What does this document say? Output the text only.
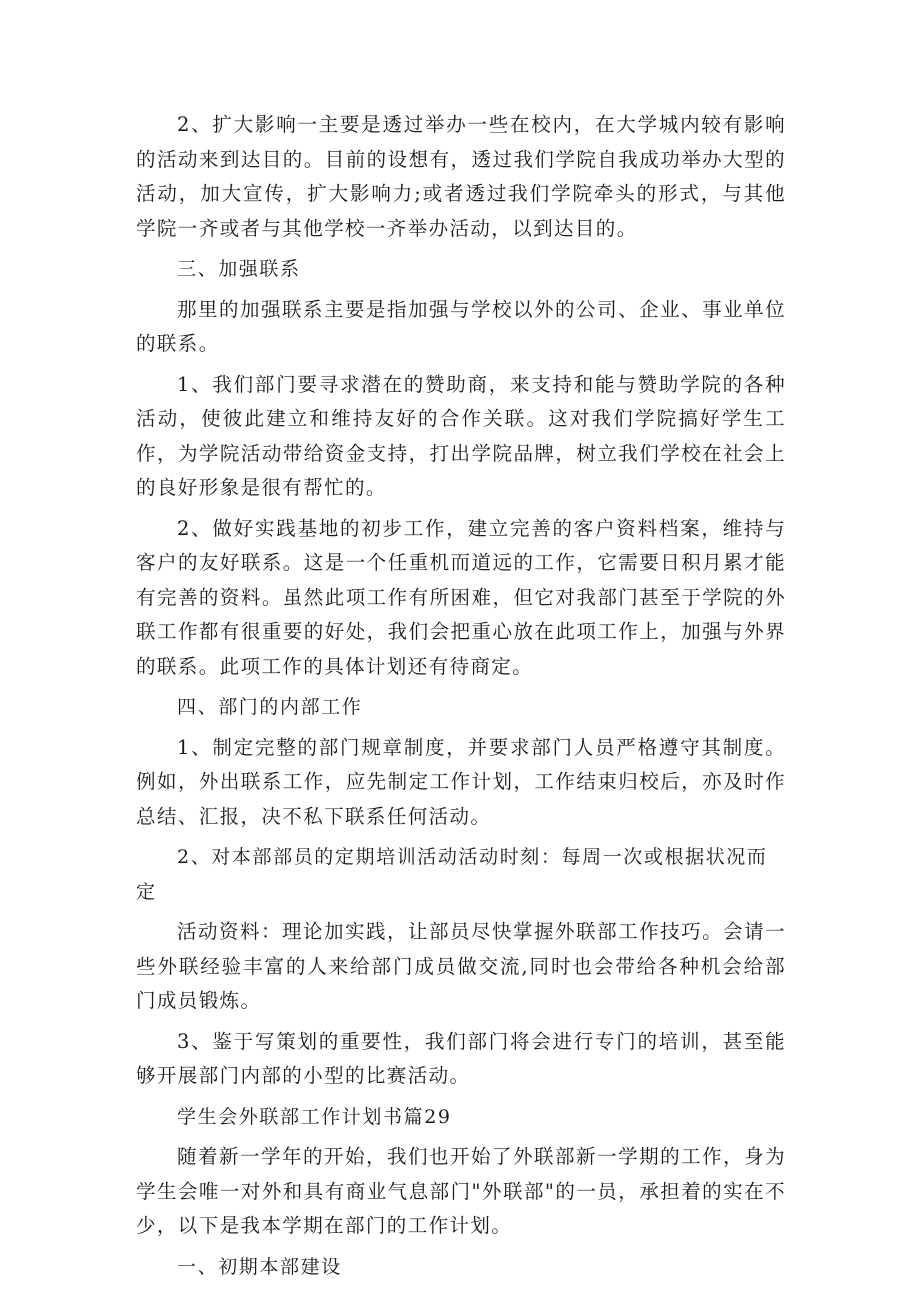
2、扩大影响一主要是透过举办一些在校内，在大学城内较有影响的活动来到达目的。目前的设想有，透过我们学院自我成功举办大型的活动，加大宣传，扩大影响力;或者透过我们学院牵头的形式，与其他学院一齐或者与其他学校一齐举办活动，以到达目的。

三、加强联系

那里的加强联系主要是指加强与学校以外的公司、企业、事业单位的联系。

1、我们部门要寻求潜在的赞助商，来支持和能与赞助学院的各种活动，使彼此建立和维持友好的合作关联。这对我们学院搞好学生工作，为学院活动带给资金支持，打出学院品牌，树立我们学校在社会上的良好形象是很有帮忙的。

2、做好实践基地的初步工作，建立完善的客户资料档案，维持与客户的友好联系。这是一个任重机而道远的工作，它需要日积月累才能有完善的资料。虽然此项工作有所困难，但它对我部门甚至于学院的外联工作都有很重要的好处，我们会把重心放在此项工作上，加强与外界的联系。此项工作的具体计划还有待商定。

四、部门的内部工作

1、制定完整的部门规章制度，并要求部门人员严格遵守其制度。例如，外出联系工作，应先制定工作计划，工作结束归校后，亦及时作总结、汇报，决不私下联系任何活动。

2、对本部部员的定期培训活动活动时刻：每周一次或根据状况而定

活动资料：理论加实践，让部员尽快掌握外联部工作技巧。会请一些外联经验丰富的人来给部门成员做交流,同时也会带给各种机会给部门成员锻炼。

3、鉴于写策划的重要性，我们部门将会进行专门的培训，甚至能够开展部门内部的小型的比赛活动。

学生会外联部工作计划书篇29

随着新一学年的开始，我们也开始了外联部新一学期的工作，身为学生会唯一对外和具有商业气息部门"外联部"的一员，承担着的实在不少，以下是我本学期在部门的工作计划。

一、初期本部建设
